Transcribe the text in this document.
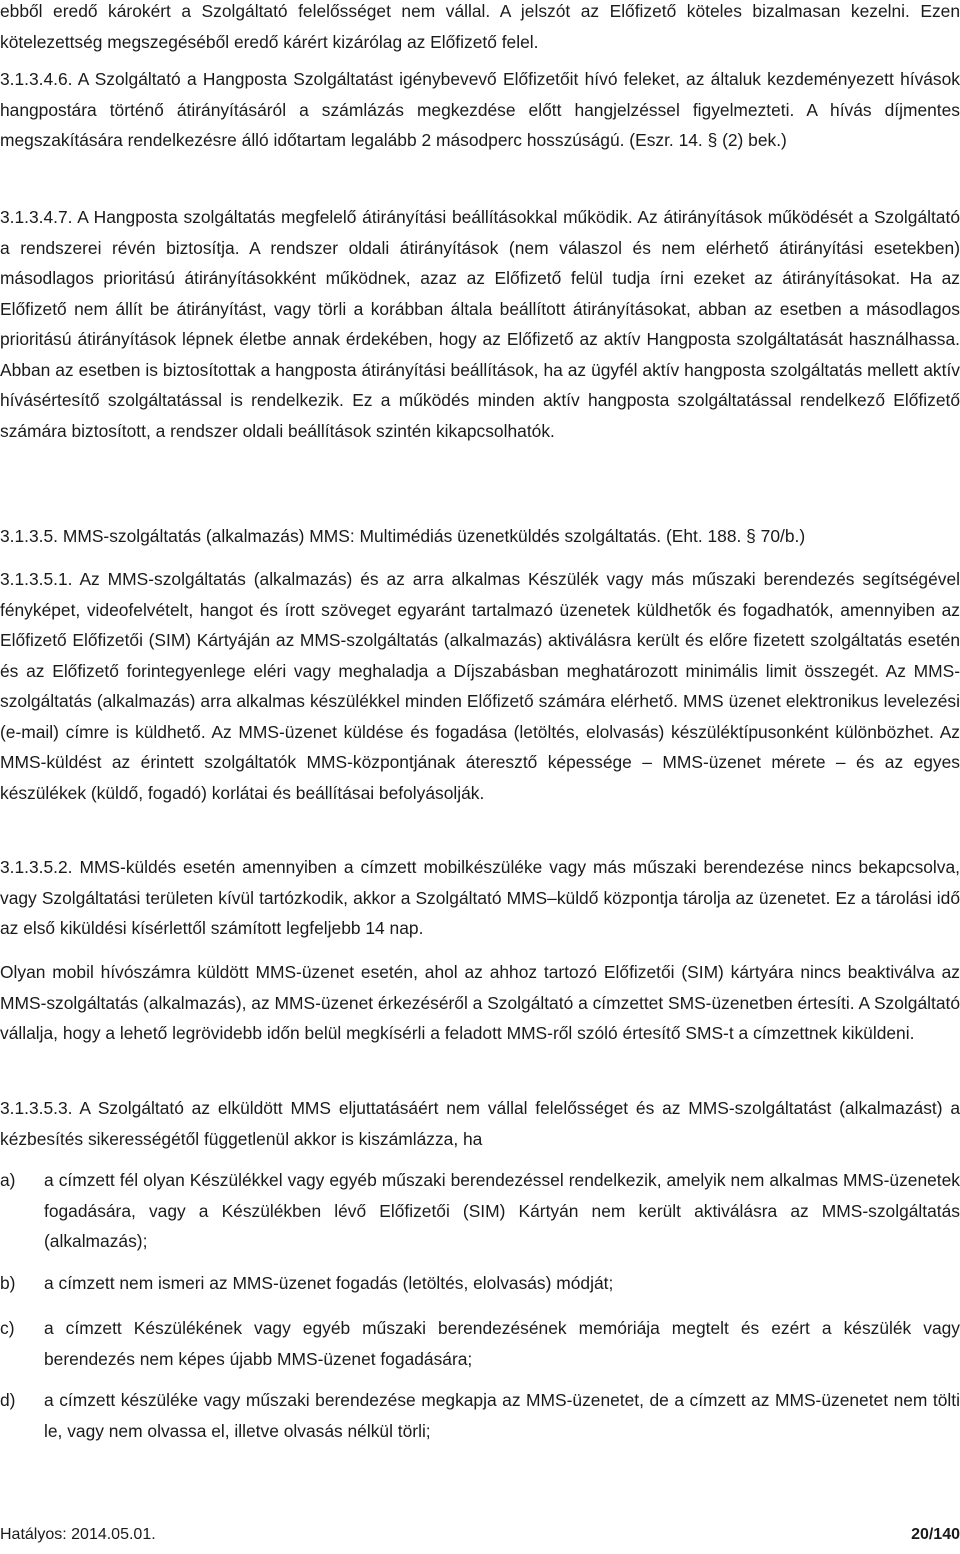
ebből eredő károkért a Szolgáltató felelősséget nem vállal. A jelszót az Előfizető köteles bizalmasan kezelni. Ezen kötelezettség megszegéséből eredő kárért kizárólag az Előfizető felel.

3.1.3.4.6. A Szolgáltató a Hangposta Szolgáltatást igénybevevő Előfizetőit hívó feleket, az általuk kezdeményezett hívások hangpostára történő átirányításáról a számlázás megkezdése előtt hangjelzéssel figyelmezteti. A hívás díjmentes megszakítására rendelkezésre álló időtartam legalább 2 másodperc hosszúságú. (Eszr. 14. § (2) bek.)

3.1.3.4.7. A Hangposta szolgáltatás megfelelő átirányítási beállításokkal működik. Az átirányítások működését a Szolgáltató a rendszerei révén biztosítja. A rendszer oldali átirányítások (nem válaszol és nem elérhető átirányítási esetekben) másodlagos prioritású átirányításokként működnek, azaz az Előfizető felül tudja írni ezeket az átirányításokat. Ha az Előfizető nem állít be átirányítást, vagy törli a korábban általa beállított átirányításokat, abban az esetben a másodlagos prioritású átirányítások lépnek életbe annak érdekében, hogy az Előfizető az aktív Hangposta szolgáltatását használhassa. Abban az esetben is biztosítottak a hangposta átirányítási beállítások, ha az ügyfél aktív hangposta szolgáltatás mellett aktív hívásértesítő szolgáltatással is rendelkezik. Ez a működés minden aktív hangposta szolgáltatással rendelkező Előfizető számára biztosított, a rendszer oldali beállítások szintén kikapcsolhatók.

3.1.3.5. MMS-szolgáltatás (alkalmazás) MMS: Multimédiás üzenetküldés szolgáltatás. (Eht. 188. § 70/b.)

3.1.3.5.1. Az MMS-szolgáltatás (alkalmazás) és az arra alkalmas Készülék vagy más műszaki berendezés segítségével fényképet, videofelvételt, hangot és írott szöveget egyaránt tartalmazó üzenetek küldhetők és fogadhatók, amennyiben az Előfizető Előfizetői (SIM) Kártyáján az MMS-szolgáltatás (alkalmazás) aktiválásra került és előre fizetett szolgáltatás esetén és az Előfizető forintegyenlege eléri vagy meghaladja a Díjszabásban meghatározott minimális limit összegét. Az MMS-szolgáltatás (alkalmazás) arra alkalmas készülékkel minden Előfizető számára elérhető. MMS üzenet elektronikus levelezési (e-mail) címre is küldhető. Az MMS-üzenet küldése és fogadása (letöltés, elolvasás) készüléktípusonként különbözhet. Az MMS-küldést az érintett szolgáltatók MMS-központjának áteresztő képessége – MMS-üzenet mérete – és az egyes készülékek (küldő, fogadó) korlátai és beállításai befolyásolják.

3.1.3.5.2. MMS-küldés esetén amennyiben a címzett mobilkészüléke vagy más műszaki berendezése nincs bekapcsolva, vagy Szolgáltatási területen kívül tartózkodik, akkor a Szolgáltató MMS–küldő központja tárolja az üzenetet. Ez a tárolási idő az első kiküldési kísérlettől számított legfeljebb 14 nap.

Olyan mobil hívószámra küldött MMS-üzenet esetén, ahol az ahhoz tartozó Előfizetői (SIM) kártyára nincs beaktiválva az MMS-szolgáltatás (alkalmazás), az MMS-üzenet érkezéséről a Szolgáltató a címzettet SMS-üzenetben értesíti. A Szolgáltató vállalja, hogy a lehető legrövidebb időn belül megkísérli a feladott MMS-ről szóló értesítő SMS-t a címzettnek kiküldeni.

3.1.3.5.3. A Szolgáltató az elküldött MMS eljuttatásáért nem vállal felelősséget és az MMS-szolgáltatást (alkalmazást) a kézbesítés sikerességétől függetlenül akkor is kiszámlázza, ha

a)	a címzett fél olyan Készülékkel vagy egyéb műszaki berendezéssel rendelkezik, amelyik nem alkalmas MMS-üzenetek fogadására, vagy a Készülékben lévő Előfizetői (SIM) Kártyán nem került aktiválásra az MMS-szolgáltatás (alkalmazás);
b)	a címzett nem ismeri az MMS-üzenet fogadás (letöltés, elolvasás) módját;
c)	a címzett Készülékének vagy egyéb műszaki berendezésének memóriája megtelt és ezért a készülék vagy berendezés nem képes újabb MMS-üzenet fogadására;
d)	a címzett készüléke vagy műszaki berendezése megkapja az MMS-üzenetet, de a címzett az MMS-üzenetet nem tölti le, vagy nem olvassa el, illetve olvasás nélkül törli;
Hatályos: 2014.05.01.	20/140
